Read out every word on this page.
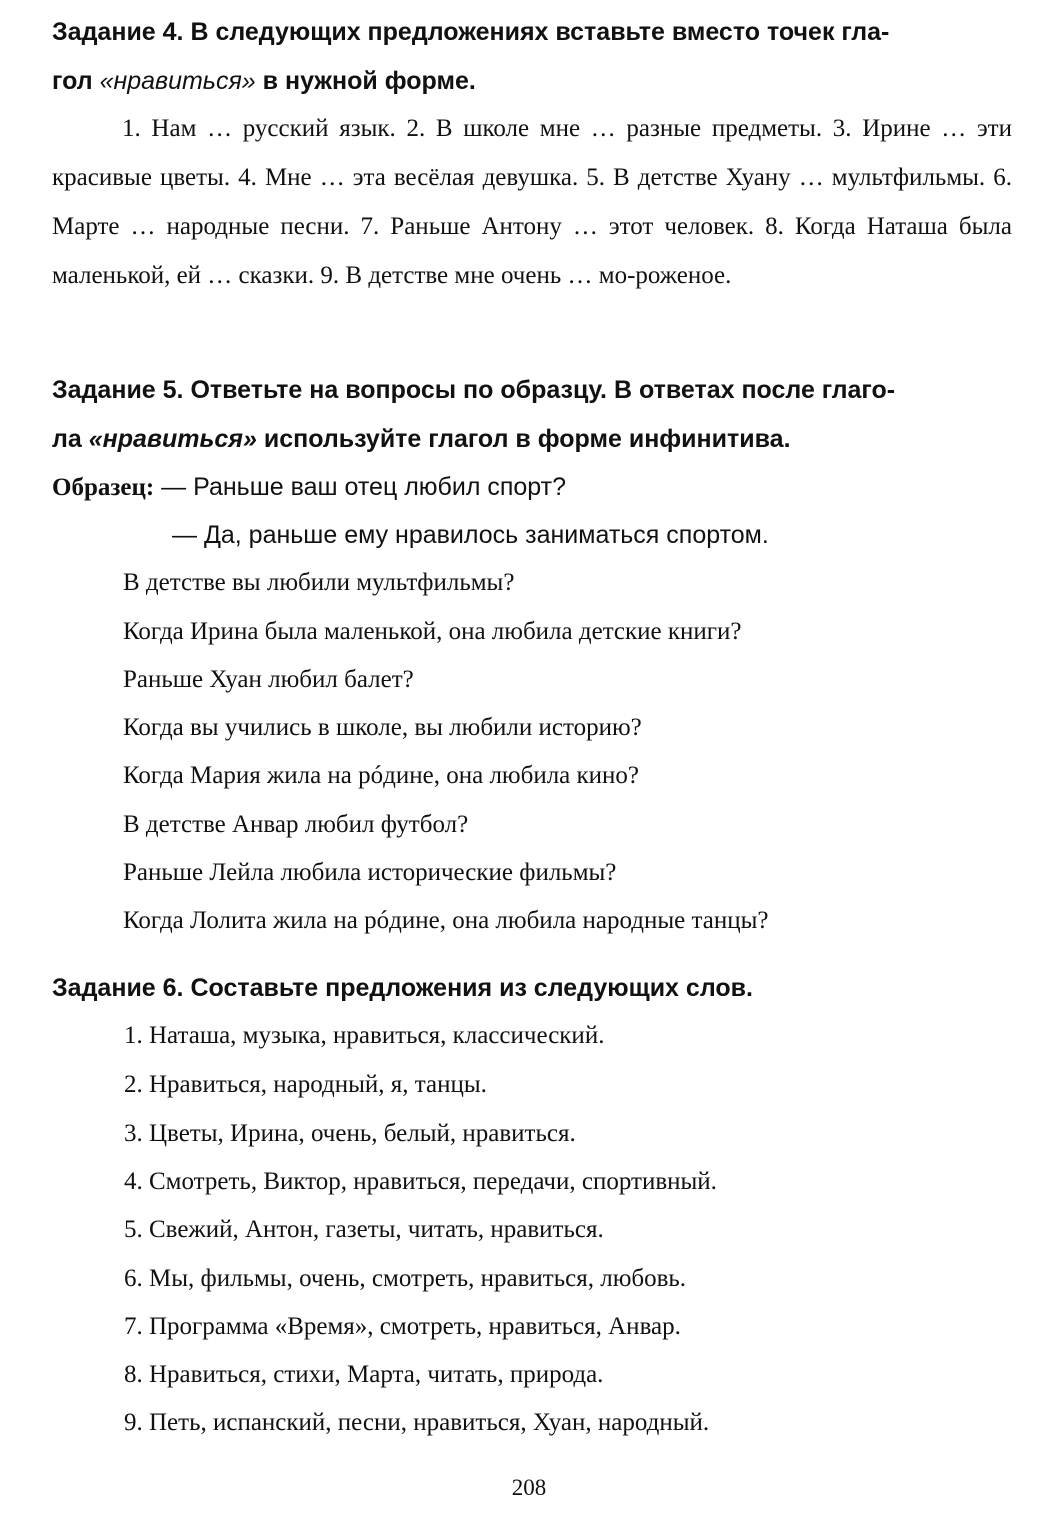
Задание 4. В следующих предложениях вставьте вместо точек гла-
гол «нравиться» в нужной форме.

1. Нам … русский язык. 2. В школе мне … разные предметы. 3. Ирине … эти красивые цветы. 4. Мне … эта весёлая девушка. 5. В детстве Хуану … мультфильмы. 6. Марте … народные песни. 7. Раньше Антону … этот человек. 8. Когда Наташа была маленькой, ей … сказки. 9. В детстве мне очень … мо-роженое.

Задание 5. Ответьте на вопросы по образцу. В ответах после глаго-
ла «нравиться» используйте глагол в форме инфинитива.
Образец: — Раньше ваш отец любил спорт?
— Да, раньше ему нравилось заниматься спортом.
В детстве вы любили мультфильмы?
Когда Ирина была маленькой, она любила детские книги?
Раньше Хуан любил балет?
Когда вы учились в школе, вы любили историю?
Когда Мария жила на рóдине, она любила кино?
В детстве Анвар любил футбол?
Раньше Лейла любила исторические фильмы?
Когда Лолита жила на рóдине, она любила народные танцы?
Задание 6. Составьте предложения из следующих слов.
1. Наташа, музыка, нравиться, классический.
2. Нравиться, народный, я, танцы.
3. Цветы, Ирина, очень, белый, нравиться.
4. Смотреть, Виктор, нравиться, передачи, спортивный.
5. Свежий, Антон, газеты, читать, нравиться.
6. Мы, фильмы, очень, смотреть, нравиться, любовь.
7. Программа «Время», смотреть, нравиться, Анвар.
8. Нравиться, стихи, Марта, читать, природа.
9. Петь, испанский, песни, нравиться, Хуан, народный.
208
